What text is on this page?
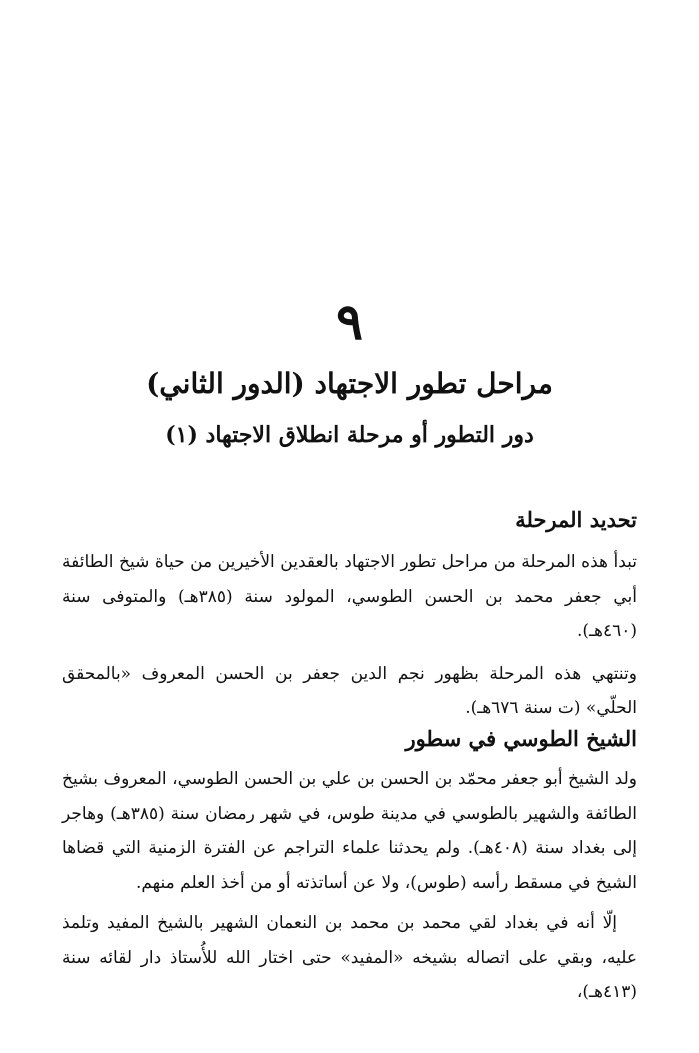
٩
مراحل تطور الاجتهاد (الدور الثاني)
دور التطور أو مرحلة انطلاق الاجتهاد (١)
تحديد المرحلة
تبدأ هذه المرحلة من مراحل تطور الاجتهاد بالعقدين الأخيرين من حياة شيخ الطائفة أبي جعفر محمد بن الحسن الطوسي، المولود سنة (٣٨٥هـ) والمتوفى سنة (٤٦٠هـ).
وتنتهي هذه المرحلة بظهور نجم الدين جعفر بن الحسن المعروف «بالمحقق الحلّي» (ت سنة ٦٧٦هـ).
الشيخ الطوسي في سطور
ولد الشيخ أبو جعفر محمّد بن الحسن بن علي بن الحسن الطوسي، المعروف بشيخ الطائفة والشهير بالطوسي في مدينة طوس، في شهر رمضان سنة (٣٨٥هـ) وهاجر إلى بغداد سنة (٤٠٨هـ). ولم يحدثنا علماء التراجم عن الفترة الزمنية التي قضاها الشيخ في مسقط رأسه (طوس)، ولا عن أساتذته أو من أخذ العلم منهم.
إلّا أنه في بغداد لقي محمد بن محمد بن النعمان الشهير بالشيخ المفيد وتلمذ عليه، وبقي على اتصاله بشيخه «المفيد» حتى اختار الله للأُستاذ دار لقائه سنة (٤١٣هـ)،
